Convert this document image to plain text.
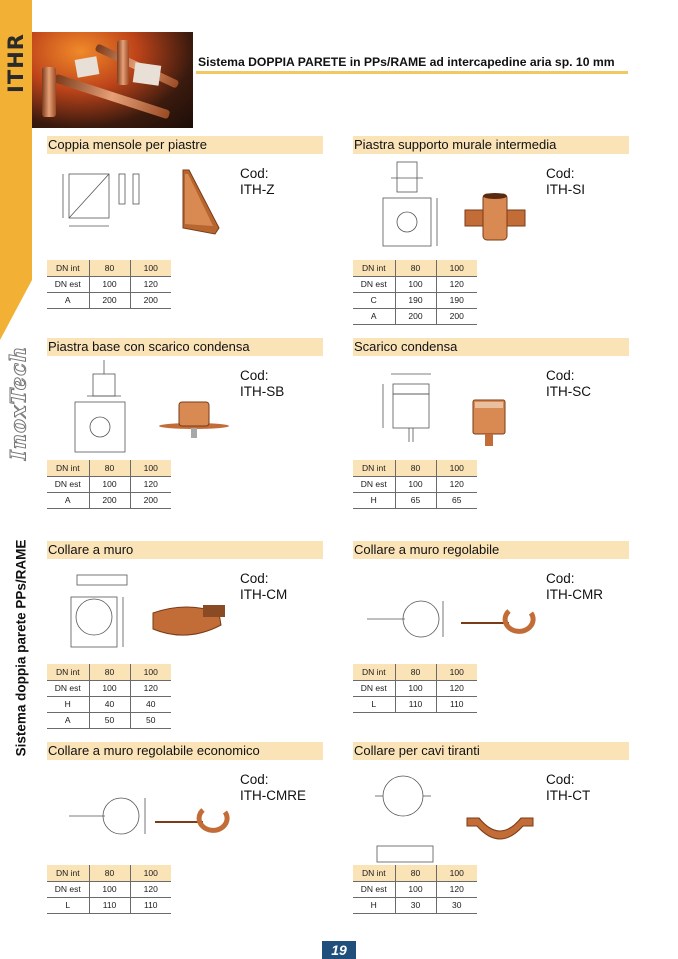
ITHR
InoxTech
Sistema doppia parete PPs/RAME
Sistema DOPPIA PARETE in PPs/RAME ad intercapedine aria sp. 10 mm
Coppia mensole per piastre
Cod:
ITH-Z
DN int	80	100
DN est	100	120
A	200	200
Piastra supporto murale intermedia
Cod:
ITH-SI
DN int	80	100
DN est	100	120
C	190	190
A	200	200
Piastra base con scarico condensa
Cod:
ITH-SB
DN int	80	100
DN est	100	120
A	200	200
Scarico condensa
Cod:
ITH-SC
DN int	80	100
DN est	100	120
H	65	65
Collare a muro
Cod:
ITH-CM
DN int	80	100
DN est	100	120
H	40	40
A	50	50
Collare a muro regolabile
Cod:
ITH-CMR
DN int	80	100
DN est	100	120
L	110	110
Collare a muro regolabile economico
Cod:
ITH-CMRE
DN int	80	100
DN est	100	120
L	110	110
Collare per cavi tiranti
Cod:
ITH-CT
DN int	80	100
DN est	100	120
H	30	30
19
